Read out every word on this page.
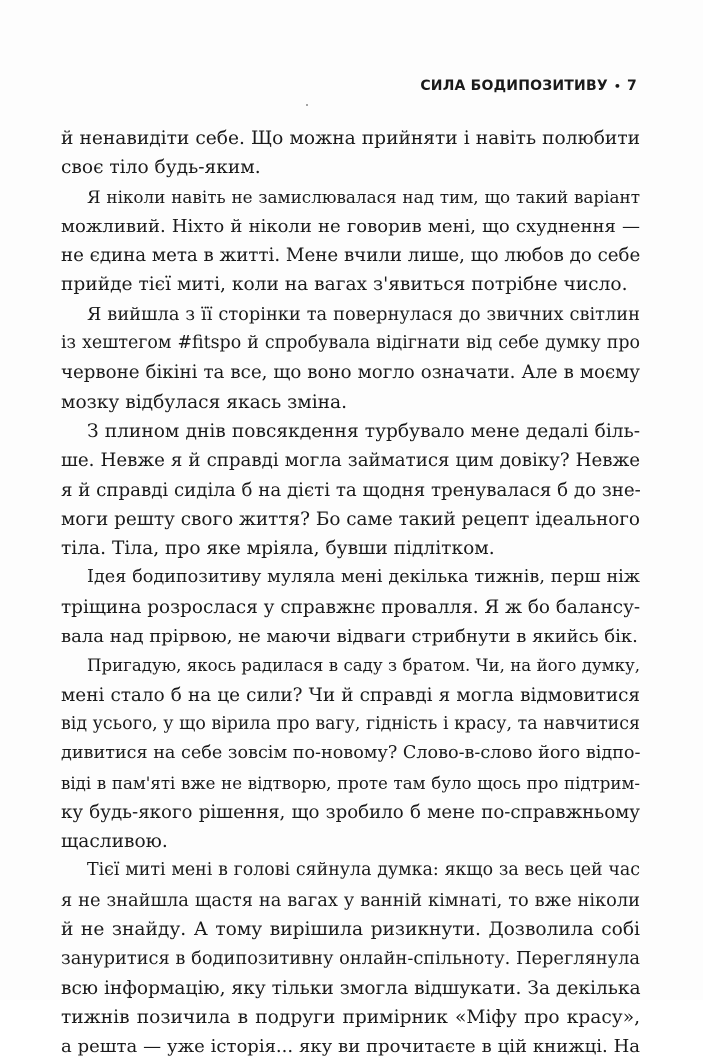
СИЛА БОДИПОЗИТИВУ • 7
й ненавидіти себе. Що можна прийняти і навіть полюбити
своє тіло будь-яким.
Я ніколи навіть не замислювалася над тим, що такий варіант
можливий. Ніхто й ніколи не говорив мені, що схуднення —
не єдина мета в житті. Мене вчили лише, що любов до себе
прийде тієї миті, коли на вагах з'явиться потрібне число.
Я вийшла з її сторінки та повернулася до звичних світлин
із хештегом #fitspo й спробувала відігнати від себе думку про
червоне бікіні та все, що воно могло означати. Але в моєму
мозку відбулася якась зміна.
З плином днів повсякдення турбувало мене дедалі біль-
ше. Невже я й справді могла займатися цим довіку? Невже
я й справді сиділа б на дієті та щодня тренувалася б до зне-
моги решту свого життя? Бо саме такий рецепт ідеального
тіла. Тіла, про яке мріяла, бувши підлітком.
Ідея бодипозитиву муляла мені декілька тижнів, перш ніж
тріщина розрослася у справжнє провалля. Я ж бо балансу-
вала над прірвою, не маючи відваги стрибнути в якийсь бік.
Пригадую, якось радилася в саду з братом. Чи, на його думку,
мені стало б на це сили? Чи й справді я могла відмовитися
від усього, у що вірила про вагу, гідність і красу, та навчитися
дивитися на себе зовсім по-новому? Слово-в-слово його відпо-
віді в пам'яті вже не відтворю, проте там було щось про підтрим-
ку будь-якого рішення, що зробило б мене по-справжньому
щасливою.
Тієї миті мені в голові сяйнула думка: якщо за весь цей час
я не знайшла щастя на вагах у ванній кімнаті, то вже ніколи
й не знайду. А тому вирішила ризикнути. Дозволила собі
зануритися в бодипозитивну онлайн-спільноту. Переглянула
всю інформацію, яку тільки змогла відшукати. За декілька
тижнів позичила в подруги примірник «Міфу про красу»,
а решта — уже історія... яку ви прочитаєте в цій книжці. На
